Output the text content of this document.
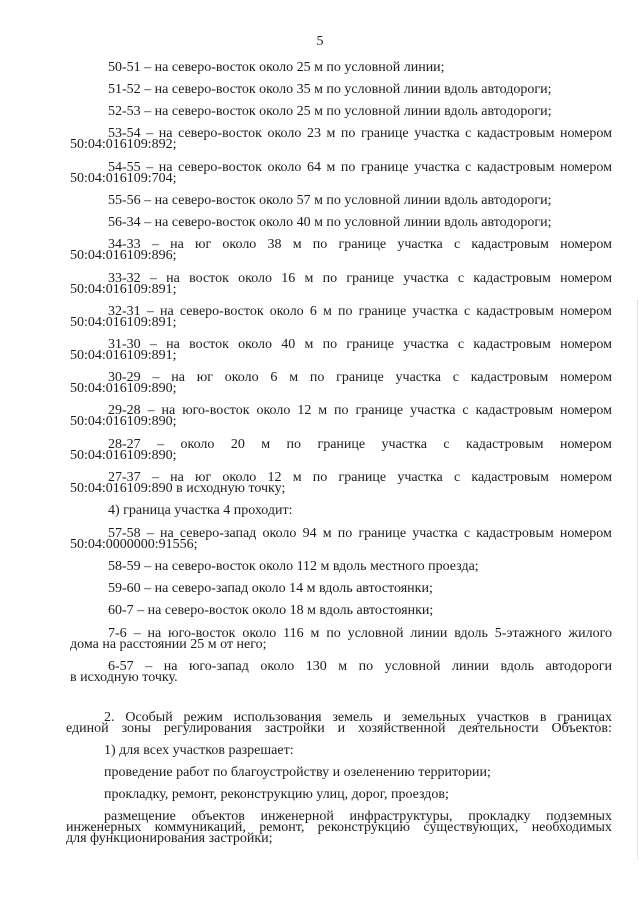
5
50-51 – на северо-восток около 25 м по условной линии;
51-52 – на северо-восток около 35 м по условной линии вдоль автодороги;
52-53 – на северо-восток около 25 м по условной линии вдоль автодороги;
53-54 – на северо-восток около 23 м по границе участка с кадастровым номером
50:04:016109:892;
54-55 – на северо-восток около 64 м по границе участка с кадастровым номером
50:04:016109:704;
55-56 – на северо-восток около 57 м по условной линии вдоль автодороги;
56-34 – на северо-восток около 40 м по условной линии вдоль автодороги;
34-33 – на юг около 38 м по границе участка с кадастровым номером
50:04:016109:896;
33-32 – на восток около 16 м по границе участка с кадастровым номером
50:04:016109:891;
32-31 – на северо-восток около 6 м по границе участка с кадастровым номером
50:04:016109:891;
31-30 – на восток около 40 м по границе участка с кадастровым номером
50:04:016109:891;
30-29 – на юг около 6 м по границе участка с кадастровым номером
50:04:016109:890;
29-28 – на юго-восток около 12 м по границе участка с кадастровым номером
50:04:016109:890;
28-27 – около 20 м по границе участка с кадастровым номером
50:04:016109:890;
27-37 – на юг около 12 м по границе участка с кадастровым номером
50:04:016109:890 в исходную точку;
4) граница участка 4 проходит:
57-58 – на северо-запад около 94 м по границе участка с кадастровым номером
50:04:0000000:91556;
58-59 – на северо-восток около 112 м вдоль местного проезда;
59-60 – на северо-запад около 14 м вдоль автостоянки;
60-7 – на северо-восток около 18 м вдоль автостоянки;
7-6 – на юго-восток около 116 м по условной линии вдоль 5-этажного жилого
дома на расстоянии 25 м от него;
6-57 – на юго-запад около 130 м по условной линии вдоль автодороги
в исходную точку.
2. Особый режим использования земель и земельных участков в границах
единой зоны регулирования застройки и хозяйственной деятельности Объектов:
1) для всех участков разрешает:
проведение работ по благоустройству и озеленению территории;
прокладку, ремонт, реконструкцию улиц, дорог, проездов;
размещение объектов инженерной инфраструктуры, прокладку подземных
инженерных коммуникаций, ремонт, реконструкцию существующих, необходимых
для функционирования застройки;
